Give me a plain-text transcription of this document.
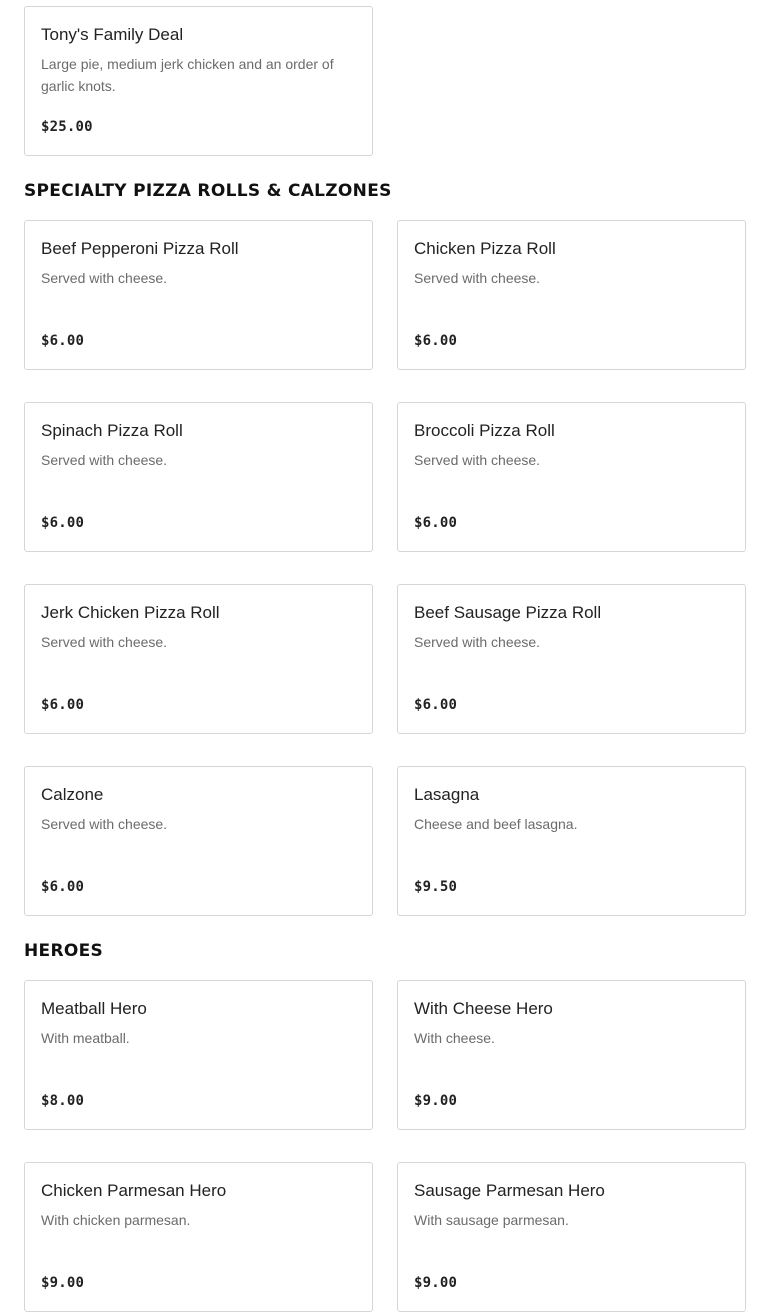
Tony's Family Deal
Large pie, medium jerk chicken and an order of garlic knots.
$25.00
SPECIALTY PIZZA ROLLS & CALZONES
Beef Pepperoni Pizza Roll
Served with cheese.
$6.00
Chicken Pizza Roll
Served with cheese.
$6.00
Spinach Pizza Roll
Served with cheese.
$6.00
Broccoli Pizza Roll
Served with cheese.
$6.00
Jerk Chicken Pizza Roll
Served with cheese.
$6.00
Beef Sausage Pizza Roll
Served with cheese.
$6.00
Calzone
Served with cheese.
$6.00
Lasagna
Cheese and beef lasagna.
$9.50
HEROES
Meatball Hero
With meatball.
$8.00
With Cheese Hero
With cheese.
$9.00
Chicken Parmesan Hero
With chicken parmesan.
$9.00
Sausage Parmesan Hero
With sausage parmesan.
$9.00
